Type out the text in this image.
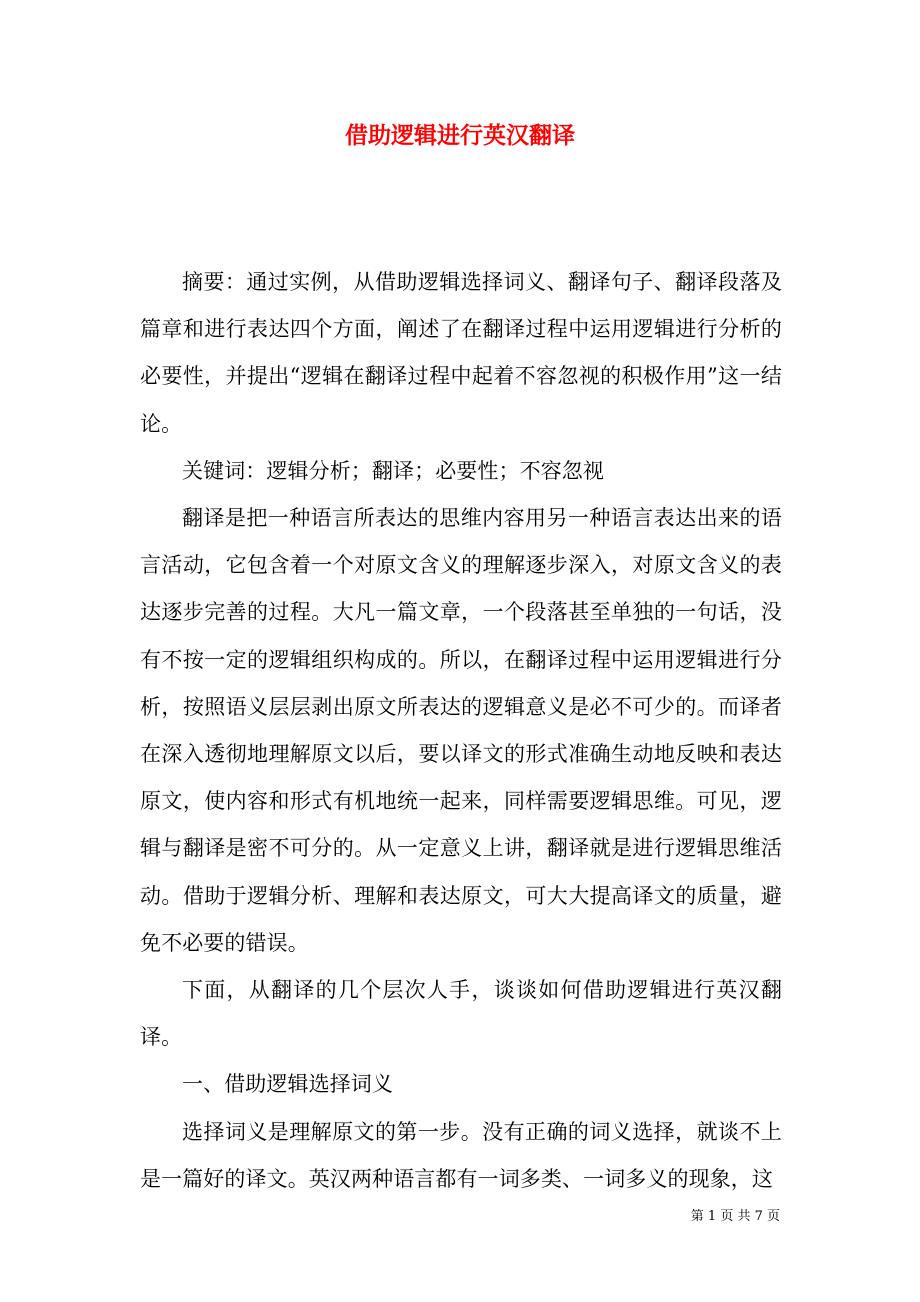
借助逻辑进行英汉翻译

摘要：通过实例，从借助逻辑选择词义、翻译句子、翻译段落及篇章和进行表达四个方面，阐述了在翻译过程中运用逻辑进行分析的必要性，并提出“逻辑在翻译过程中起着不容忽视的积极作用”这一结论。

关键词：逻辑分析；翻译；必要性；不容忽视

翻译是把一种语言所表达的思维内容用另一种语言表达出来的语言活动，它包含着一个对原文含义的理解逐步深入，对原文含义的表达逐步完善的过程。大凡一篇文章，一个段落甚至单独的一句话，没有不按一定的逻辑组织构成的。所以，在翻译过程中运用逻辑进行分析，按照语义层层剥出原文所表达的逻辑意义是必不可少的。而译者在深入透彻地理解原文以后，要以译文的形式准确生动地反映和表达原文，使内容和形式有机地统一起来，同样需要逻辑思维。可见，逻辑与翻译是密不可分的。从一定意义上讲，翻译就是进行逻辑思维活动。借助于逻辑分析、理解和表达原文，可大大提高译文的质量，避免不必要的错误。

下面，从翻译的几个层次人手，谈谈如何借助逻辑进行英汉翻译。

一、借助逻辑选择词义

选择词义是理解原文的第一步。没有正确的词义选择，就谈不上是一篇好的译文。英汉两种语言都有一词多类、一词多义的现象，这

第 1 页 共 7 页
